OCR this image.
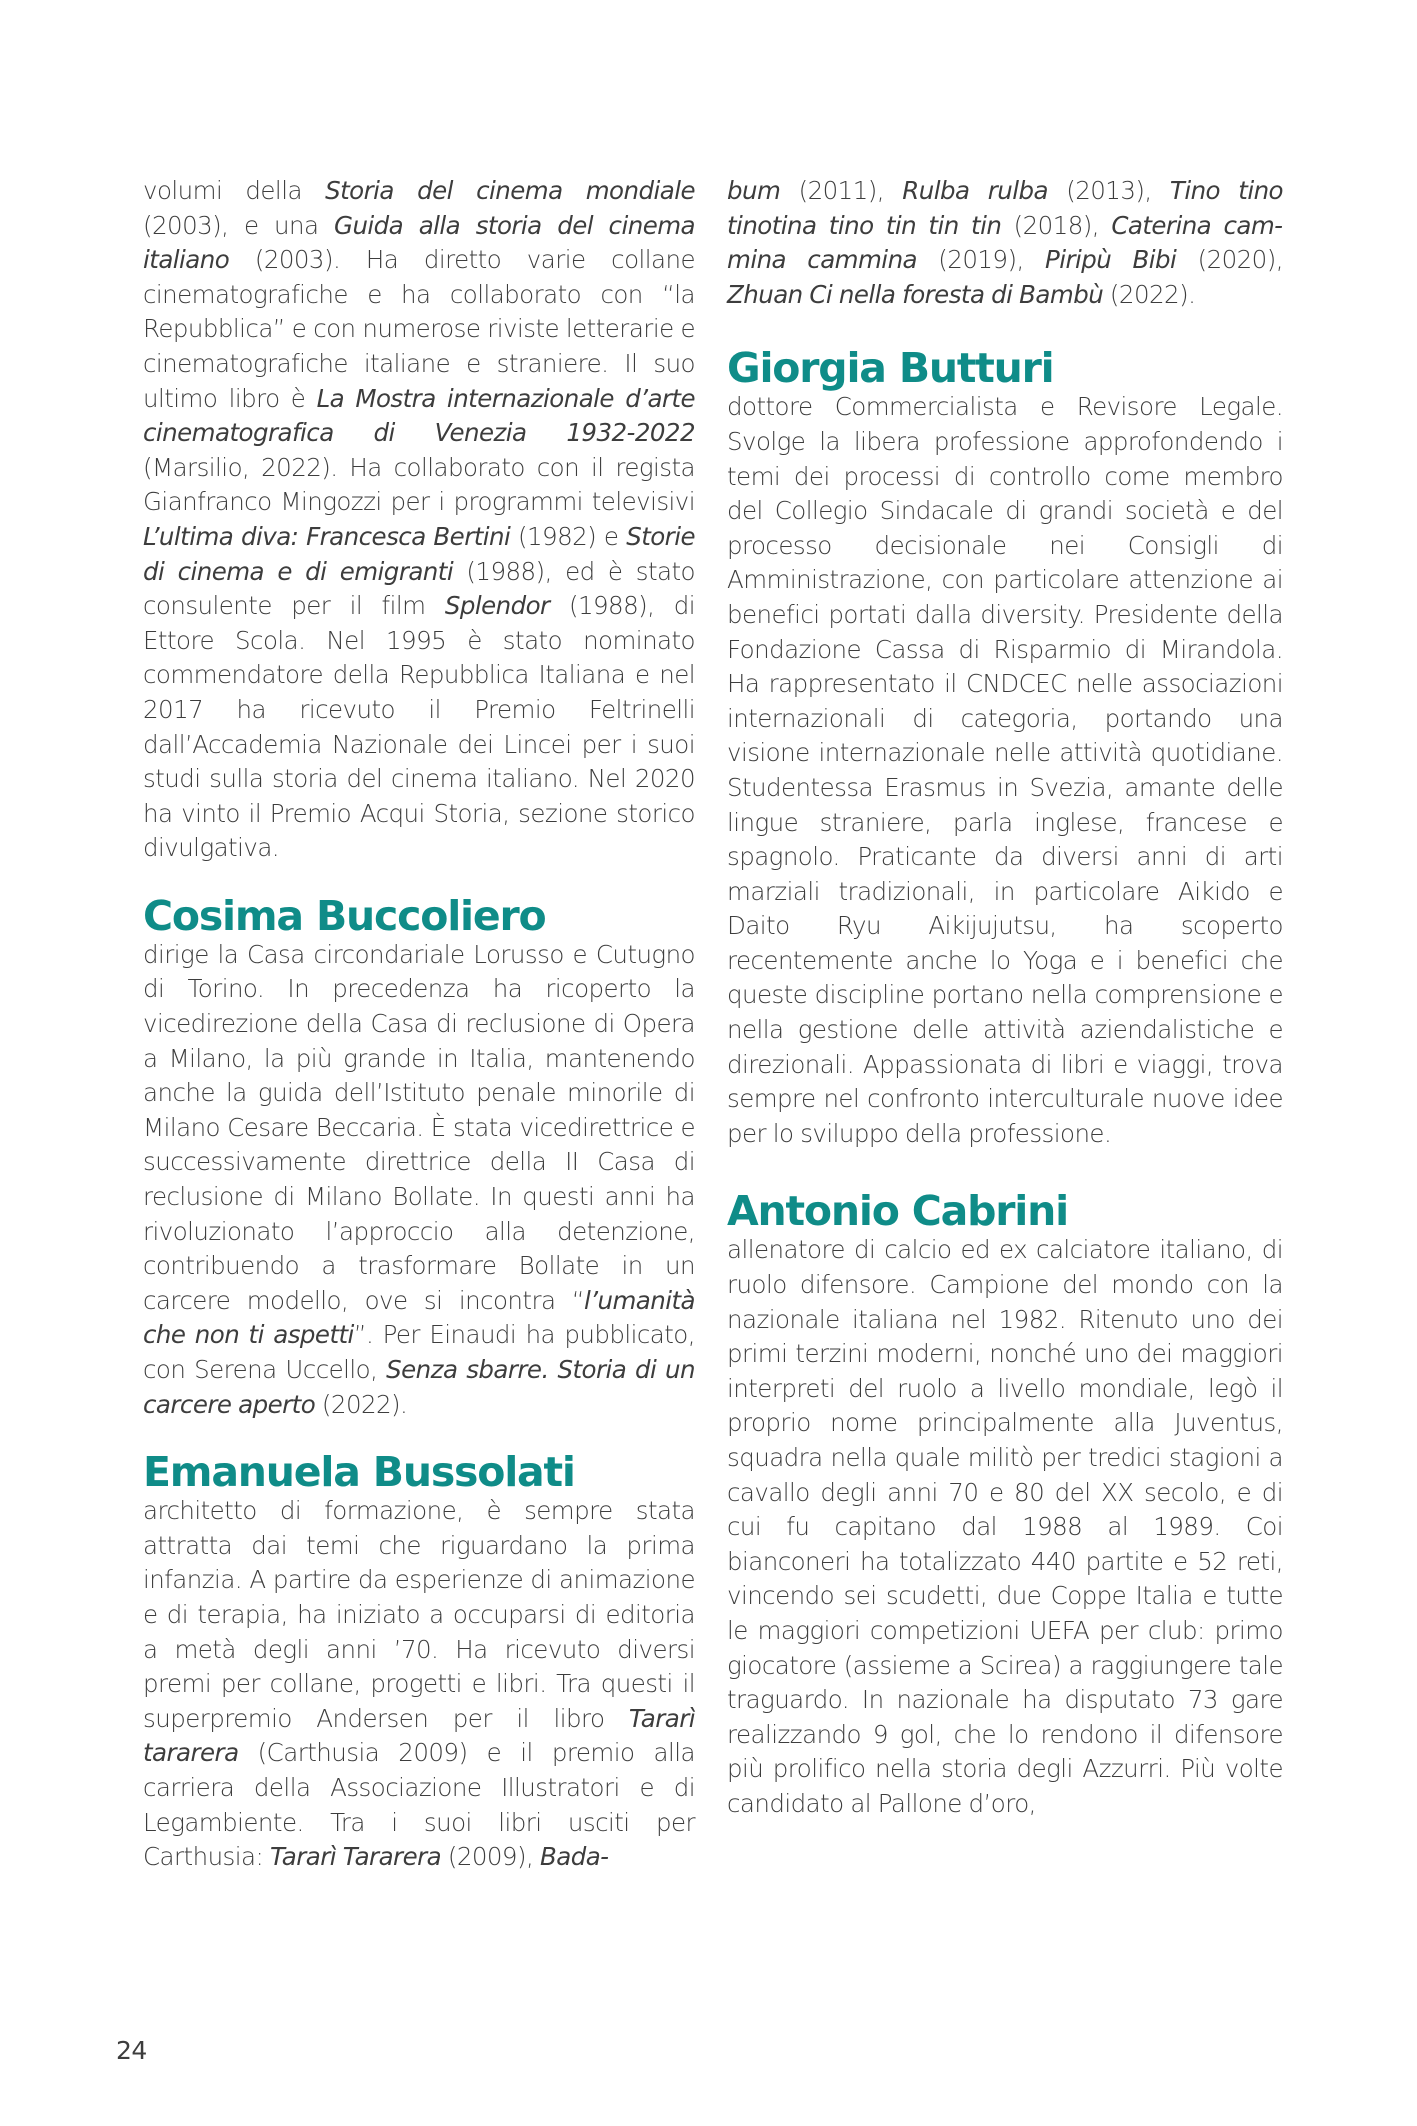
volumi della Storia del cinema mondiale (2003), e una Guida alla storia del cinema italiano (2003). Ha diretto varie collane cinematografiche e ha collaborato con “la Repubblica” e con numerose riviste letterarie e cinematografiche italiane e straniere. Il suo ultimo libro è La Mostra internazionale d’arte cinematografica di Venezia 1932-2022 (Marsilio, 2022). Ha collaborato con il regista Gianfranco Mingozzi per i programmi televisivi L’ultima diva: Francesca Bertini (1982) e Storie di cinema e di emigranti (1988), ed è stato consulente per il film Splendor (1988), di Ettore Scola. Nel 1995 è stato nominato commendatore della Repubblica Italiana e nel 2017 ha ricevuto il Premio Feltrinelli dall’Accademia Nazionale dei Lincei per i suoi studi sulla storia del cinema italiano. Nel 2020 ha vinto il Premio Acqui Storia, sezione storico divulgativa.

Cosima Buccoliero

dirige la Casa circondariale Lorusso e Cutugno di Torino. In precedenza ha ricoperto la vicedirezione della Casa di reclusione di Opera a Milano, la più grande in Italia, mantenendo anche la guida dell’Istituto penale minorile di Milano Cesare Beccaria. È stata vicedirettrice e successivamente direttrice della II Casa di reclusione di Milano Bollate. In questi anni ha rivoluzionato l’approccio alla detenzione, contribuendo a trasformare Bollate in un carcere modello, ove si incontra “l’umanità che non ti aspetti”. Per Einaudi ha pubblicato, con Serena Uccello, Senza sbarre. Storia di un carcere aperto (2022).

Emanuela Bussolati

architetto di formazione, è sempre stata attratta dai temi che riguardano la prima infanzia. A partire da esperienze di animazione e di terapia, ha iniziato a occuparsi di editoria a metà degli anni ’70. Ha ricevuto diversi premi per collane, progetti e libri. Tra questi il superpremio Andersen per il libro Tararì tararera (Carthusia 2009) e il premio alla carriera della Associazione Illustratori e di Legambiente. Tra i suoi libri usciti per Carthusia: Tararì Tararera (2009), Bada-

bum (2011), Rulba rulba (2013), Tino tino tinotina tino tin tin tin (2018), Caterina cammina cammina (2019), Piripù Bibi (2020), Zhuan Ci nella foresta di Bambù (2022).

Giorgia Butturi

dottore Commercialista e Revisore Legale. Svolge la libera professione approfondendo i temi dei processi di controllo come membro del Collegio Sindacale di grandi società e del processo decisionale nei Consigli di Amministrazione, con particolare attenzione ai benefici portati dalla diversity. Presidente della Fondazione Cassa di Risparmio di Mirandola. Ha rappresentato il CNDCEC nelle associazioni internazionali di categoria, portando una visione internazionale nelle attività quotidiane. Studentessa Erasmus in Svezia, amante delle lingue straniere, parla inglese, francese e spagnolo. Praticante da diversi anni di arti marziali tradizionali, in particolare Aikido e Daito Ryu Aikijujutsu, ha scoperto recentemente anche lo Yoga e i benefici che queste discipline portano nella comprensione e nella gestione delle attività aziendalistiche e direzionali. Appassionata di libri e viaggi, trova sempre nel confronto interculturale nuove idee per lo sviluppo della professione.

Antonio Cabrini

allenatore di calcio ed ex calciatore italiano, di ruolo difensore. Campione del mondo con la nazionale italiana nel 1982. Ritenuto uno dei primi terzini moderni, nonché uno dei maggiori interpreti del ruolo a livello mondiale, legò il proprio nome principalmente alla Juventus, squadra nella quale militò per tredici stagioni a cavallo degli anni 70 e 80 del XX secolo, e di cui fu capitano dal 1988 al 1989. Coi bianconeri ha totalizzato 440 partite e 52 reti, vincendo sei scudetti, due Coppe Italia e tutte le maggiori competizioni UEFA per club: primo giocatore (assieme a Scirea) a raggiungere tale traguardo. In nazionale ha disputato 73 gare realizzando 9 gol, che lo rendono il difensore più prolifico nella storia degli Azzurri. Più volte candidato al Pallone d’oro,

24
